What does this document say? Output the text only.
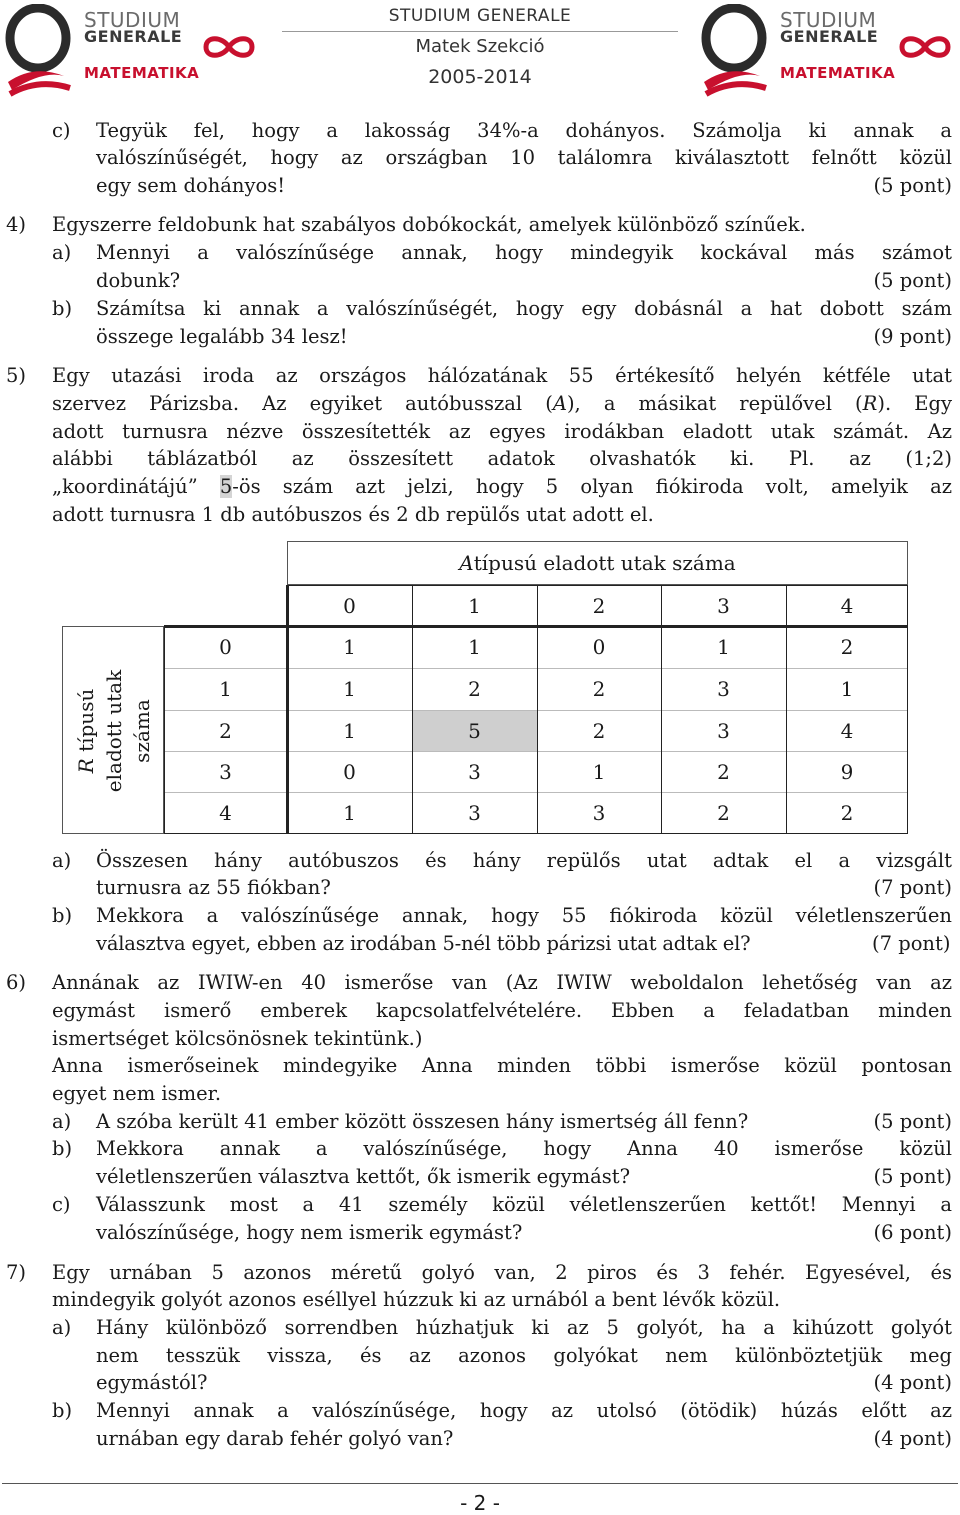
STUDIUM
GENERALE
MATEMATIKA
STUDIUM GENERALE
Matek Szekció
2005-2014
STUDIUM
GENERALE
MATEMATIKA
c) Tegyük fel, hogy a lakosság 34%-a dohányos. Számolja ki annak a
valószínűségét, hogy az országban 10 találomra kiválasztott felnőtt közül
egy sem dohányos!	(5 pont)
4) Egyszerre feldobunk hat szabályos dobókockát, amelyek különböző színűek.
a) Mennyi a valószínűsége annak, hogy mindegyik kockával más számot
dobunk?	(5 pont)
b) Számítsa ki annak a valószínűségét, hogy egy dobásnál a hat dobott szám
összege legalább 34 lesz!	(9 pont)
5) Egy utazási iroda az országos hálózatának 55 értékesítő helyén kétféle utat
szervez Párizsba. Az egyiket autóbusszal (A), a másikat repülővel (R). Egy
adott turnusra nézve összesítették az egyes irodákban eladott utak számát. Az
alábbi táblázatból az összesített adatok olvashatók ki. Pl. az (1;2)
„koordinátájú” 5-ös szám azt jelzi, hogy 5 olyan fiókiroda volt, amelyik az
adott turnusra 1 db autóbuszos és 2 db repülős utat adott el.
A típusú eladott utak száma
R típusú eladott utak száma
0	1	2	3	4
0	1	1	0	1	2
1	1	2	2	3	1
2	1	5	2	3	4
3	0	3	1	2	9
4	1	3	3	2	2
a) Összesen hány autóbuszos és hány repülős utat adtak el a vizsgált
turnusra az 55 fiókban?	(7 pont)
b) Mekkora a valószínűsége annak, hogy 55 fiókiroda közül véletlenszerűen
választva egyet, ebben az irodában 5-nél több párizsi utat adtak el?	(7 pont)
6) Annának az IWIW-en 40 ismerőse van (Az IWIW weboldalon lehetőség van az
egymást ismerő emberek kapcsolatfelvételére. Ebben a feladatban minden
ismertséget kölcsönösnek tekintünk.)
Anna ismerőseinek mindegyike Anna minden többi ismerőse közül pontosan
egyet nem ismer.
a) A szóba került 41 ember között összesen hány ismertség áll fenn?	(5 pont)
b) Mekkora annak a valószínűsége, hogy Anna 40 ismerőse közül
véletlenszerűen választva kettőt, ők ismerik egymást?	(5 pont)
c) Válasszunk most a 41 személy közül véletlenszerűen kettőt! Mennyi a
valószínűsége, hogy nem ismerik egymást?	(6 pont)
7) Egy urnában 5 azonos méretű golyó van, 2 piros és 3 fehér. Egyesével, és
mindegyik golyót azonos eséllyel húzzuk ki az urnából a bent lévők közül.
a) Hány különböző sorrendben húzhatjuk ki az 5 golyót, ha a kihúzott golyót
nem tesszük vissza, és az azonos golyókat nem különböztetjük meg
egymástól?	(4 pont)
b) Mennyi annak a valószínűsége, hogy az utolsó (ötödik) húzás előtt az
urnában egy darab fehér golyó van?	(4 pont)
- 2 -
